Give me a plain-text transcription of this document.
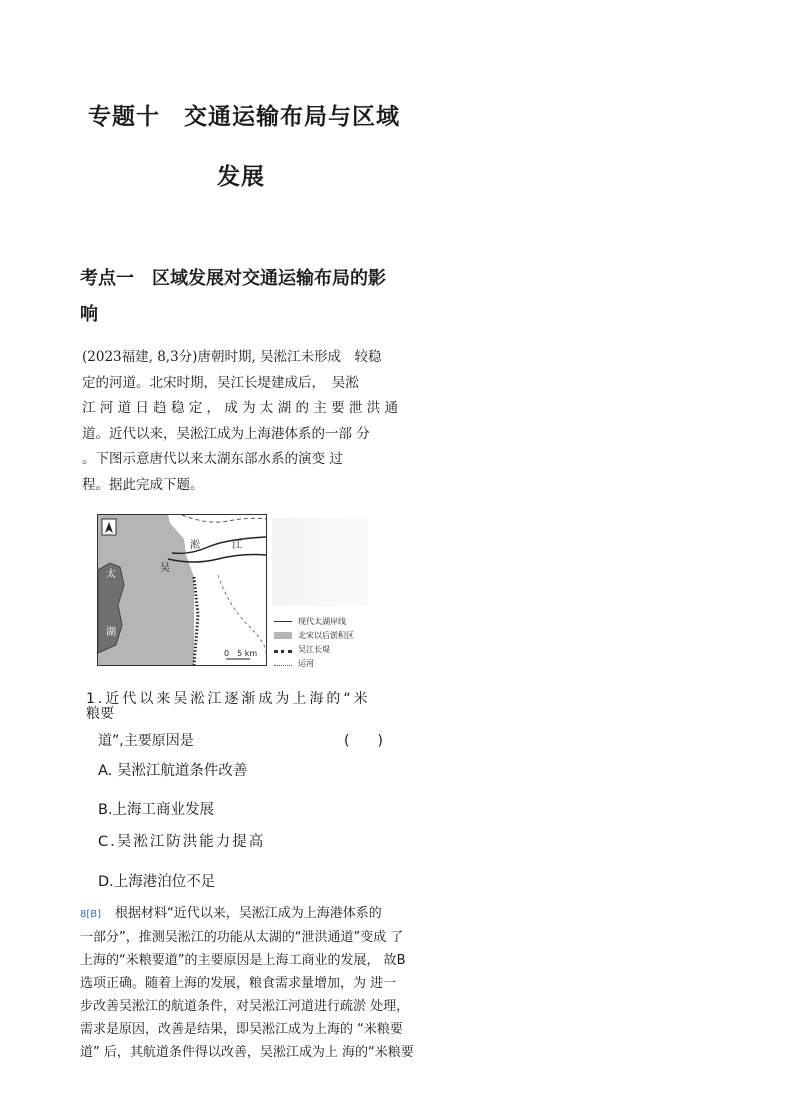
专题十　交通运输布局与区域
发展
考点一　区域发展对交通运输布局的影
响
(2023福建, 8,3分)唐朝时期, 吴淞江未形成　较稳
定的河道。北宋时期，吴江长堤建成后，　吴淞
江 河 道 日 趋 稳 定 ， 成 为 太 湖 的 主 要 泄 洪 通
道。近代以来，吴淞江成为上海港体系的一部 分
。下图示意唐代以来太湖东部水系的演变 过
程。据此完成下题。
吴
淞	江
太
湖
0　5 km
现代太湖岸线
北宋以后淤积区
吴江长堤
运河
1.近代以来吴淞江逐渐成为上海的“米
粮要
道”,主要原因是	(　　)
A. 吴淞江航道条件改善
B.上海工商业发展
C.吴淞江防洪能力提高
D.上海港泊位不足
8[B] 根据材料“近代以来，吴淞江成为上海港体系的
一部分”，推测吴淞江的功能从太湖的“泄洪通道”变成 了
上海的“米粮要道”的主要原因是上海工商业的发展， 故B
选项正确。随着上海的发展，粮食需求量增加，为 进一
步改善吴淞江的航道条件，对吴淞江河道进行疏淤 处理，
需求是原因，改善是结果，即吴淞江成为上海的 “米粮要
道” 后，其航道条件得以改善，吴淞江成为上 海的“米粮要
